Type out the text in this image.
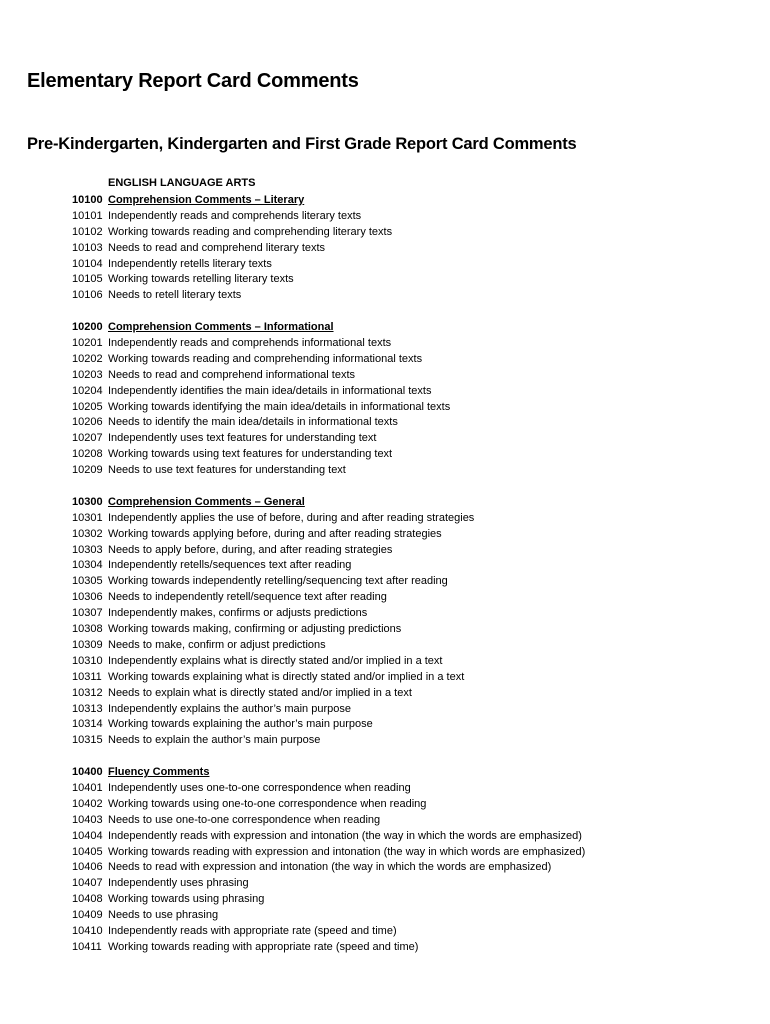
Elementary Report Card Comments
Pre-Kindergarten, Kindergarten and First Grade Report Card Comments
ENGLISH LANGUAGE ARTS
10100 Comprehension Comments – Literary
10101 Independently reads and comprehends literary texts
10102 Working towards reading and comprehending literary texts
10103 Needs to read and comprehend literary texts
10104 Independently retells literary texts
10105 Working towards retelling literary texts
10106 Needs to retell literary texts
10200 Comprehension Comments – Informational
10201 Independently reads and comprehends informational texts
10202 Working towards reading and comprehending informational texts
10203 Needs to read and comprehend informational texts
10204 Independently identifies the main idea/details in informational texts
10205 Working towards identifying the main idea/details in informational texts
10206 Needs to identify the main idea/details in informational texts
10207 Independently uses text features for understanding text
10208 Working towards using text features for understanding text
10209 Needs to use text features for understanding text
10300 Comprehension Comments – General
10301 Independently applies the use of before, during and after reading strategies
10302 Working towards applying before, during and after reading strategies
10303 Needs to apply before, during, and after reading strategies
10304 Independently retells/sequences text after reading
10305 Working towards independently retelling/sequencing text after reading
10306 Needs to independently retell/sequence text after reading
10307 Independently makes, confirms or adjusts predictions
10308 Working towards making, confirming or adjusting predictions
10309 Needs to make, confirm or adjust predictions
10310 Independently explains what is directly stated and/or implied in a text
10311 Working towards explaining what is directly stated and/or implied in a text
10312 Needs to explain what is directly stated and/or implied in a text
10313 Independently explains the author’s main purpose
10314 Working towards explaining the author’s main purpose
10315 Needs to explain the author’s main purpose
10400 Fluency Comments
10401 Independently uses one-to-one correspondence when reading
10402 Working towards using one-to-one correspondence when reading
10403 Needs to use one-to-one correspondence when reading
10404 Independently reads with expression and intonation (the way in which the words are emphasized)
10405 Working towards reading with expression and intonation (the way in which words are emphasized)
10406 Needs to read with expression and intonation (the way in which the words are emphasized)
10407 Independently uses phrasing
10408 Working towards using phrasing
10409 Needs to use phrasing
10410 Independently reads with appropriate rate (speed and time)
10411 Working towards reading with appropriate rate (speed and time)
